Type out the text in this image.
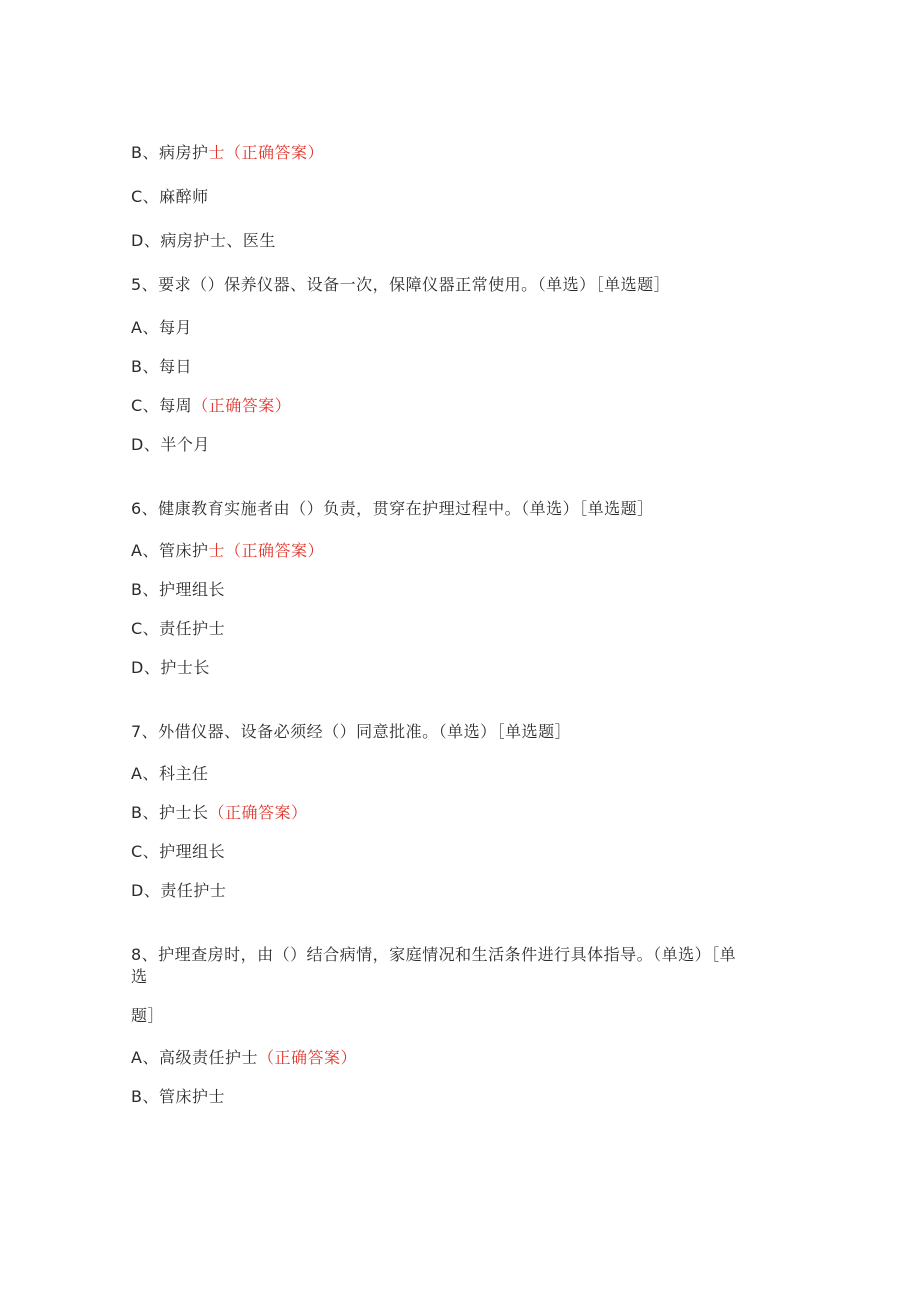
B、病房护士（正确答案）
C、麻醉师
D、病房护士、医生
5、要求（）保养仪器、设备一次，保障仪器正常使用。（单选）［单选题］
A、每月
B、每日
C、每周（正确答案）
D、半个月
6、健康教育实施者由（）负责，贯穿在护理过程中。（单选）［单选题］
A、管床护士（正确答案）
B、护理组长
C、责任护士
D、护士长
7、外借仪器、设备必须经（）同意批准。（单选）［单选题］
A、科主任
B、护士长（正确答案）
C、护理组长
D、责任护士
8、护理查房时，由（）结合病情，家庭情况和生活条件进行具体指导。（单选）［单
选
题］
A、高级责任护士（正确答案）
B、管床护士
